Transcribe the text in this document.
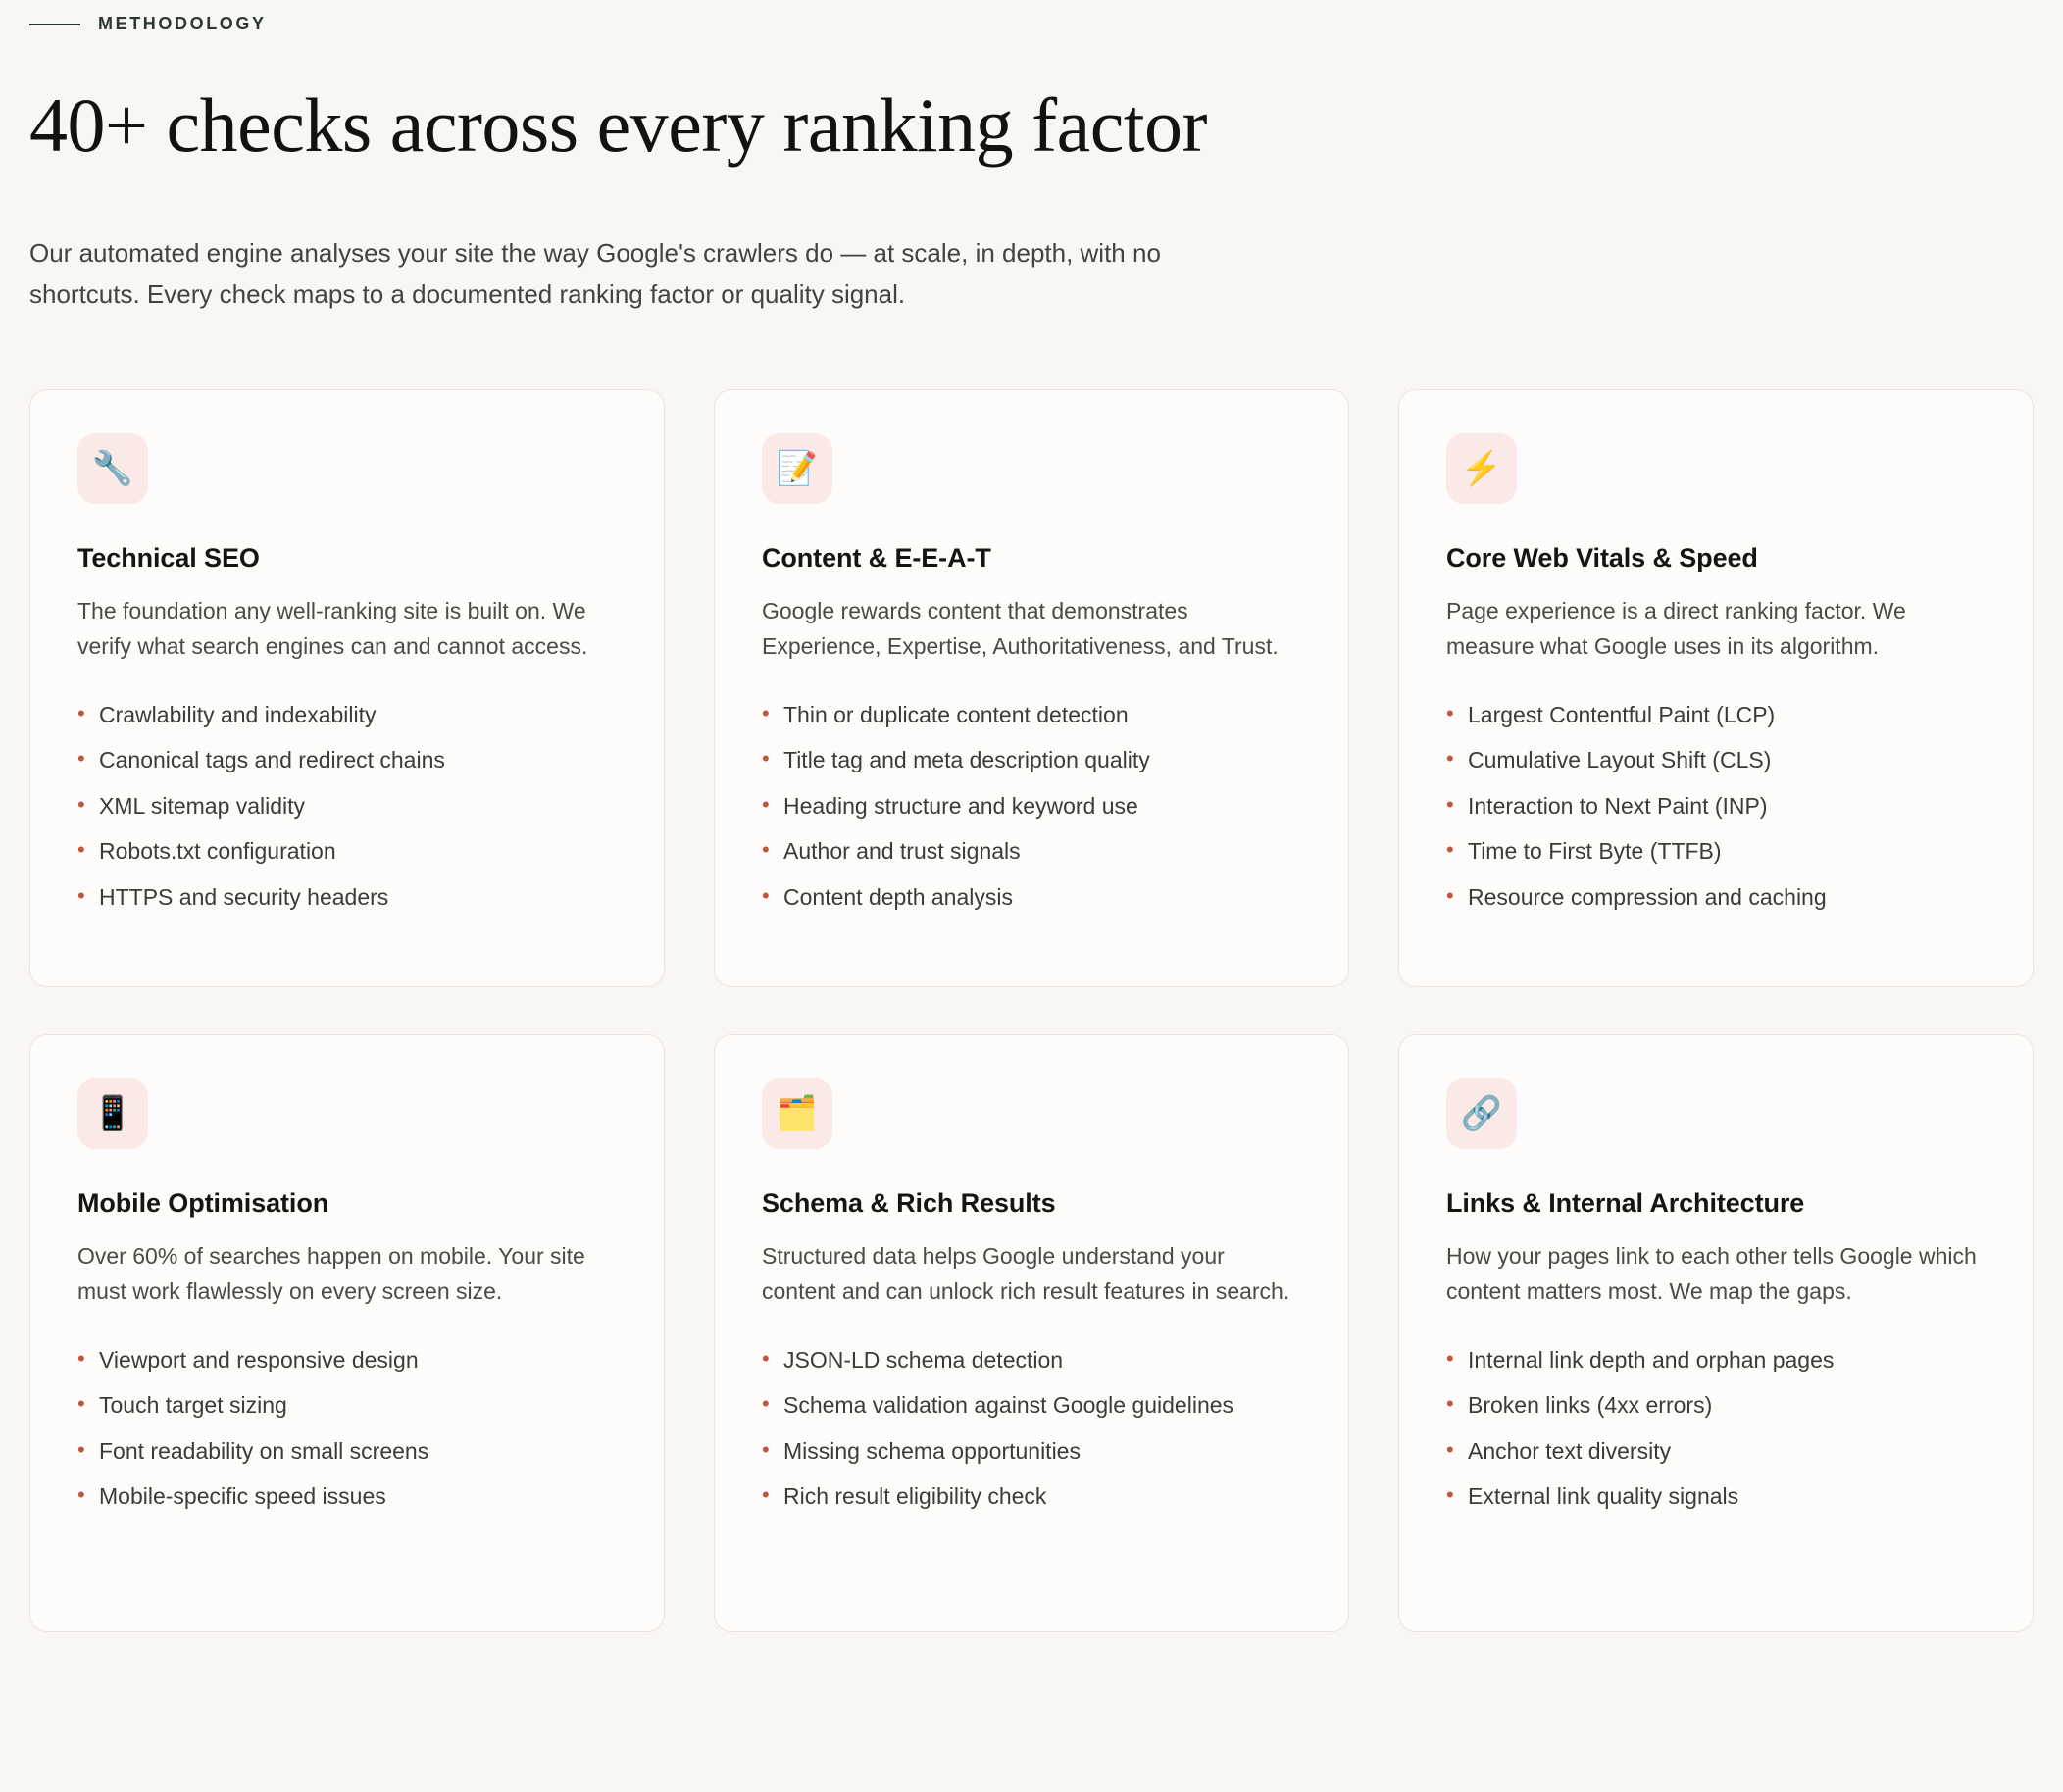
METHODOLOGY
40+ checks across every ranking factor

Our automated engine analyses your site the way Google's crawlers do — at scale, in depth, with no shortcuts. Every check maps to a documented ranking factor or quality signal.

🔧
Technical SEO

The foundation any well-ranking site is built on. We verify what search engines can and cannot access.

• Crawlability and indexability
• Canonical tags and redirect chains
• XML sitemap validity
• Robots.txt configuration
• HTTPS and security headers
📝
Content & E-E-A-T

Google rewards content that demonstrates Experience, Expertise, Authoritativeness, and Trust.

• Thin or duplicate content detection
• Title tag and meta description quality
• Heading structure and keyword use
• Author and trust signals
• Content depth analysis
⚡
Core Web Vitals & Speed

Page experience is a direct ranking factor. We measure what Google uses in its algorithm.

• Largest Contentful Paint (LCP)
• Cumulative Layout Shift (CLS)
• Interaction to Next Paint (INP)
• Time to First Byte (TTFB)
• Resource compression and caching
📱
Mobile Optimisation

Over 60% of searches happen on mobile. Your site must work flawlessly on every screen size.

• Viewport and responsive design
• Touch target sizing
• Font readability on small screens
• Mobile-specific speed issues
🗂️
Schema & Rich Results

Structured data helps Google understand your content and can unlock rich result features in search.

• JSON-LD schema detection
• Schema validation against Google guidelines
• Missing schema opportunities
• Rich result eligibility check
🔗
Links & Internal Architecture

How your pages link to each other tells Google which content matters most. We map the gaps.

• Internal link depth and orphan pages
• Broken links (4xx errors)
• Anchor text diversity
• External link quality signals
